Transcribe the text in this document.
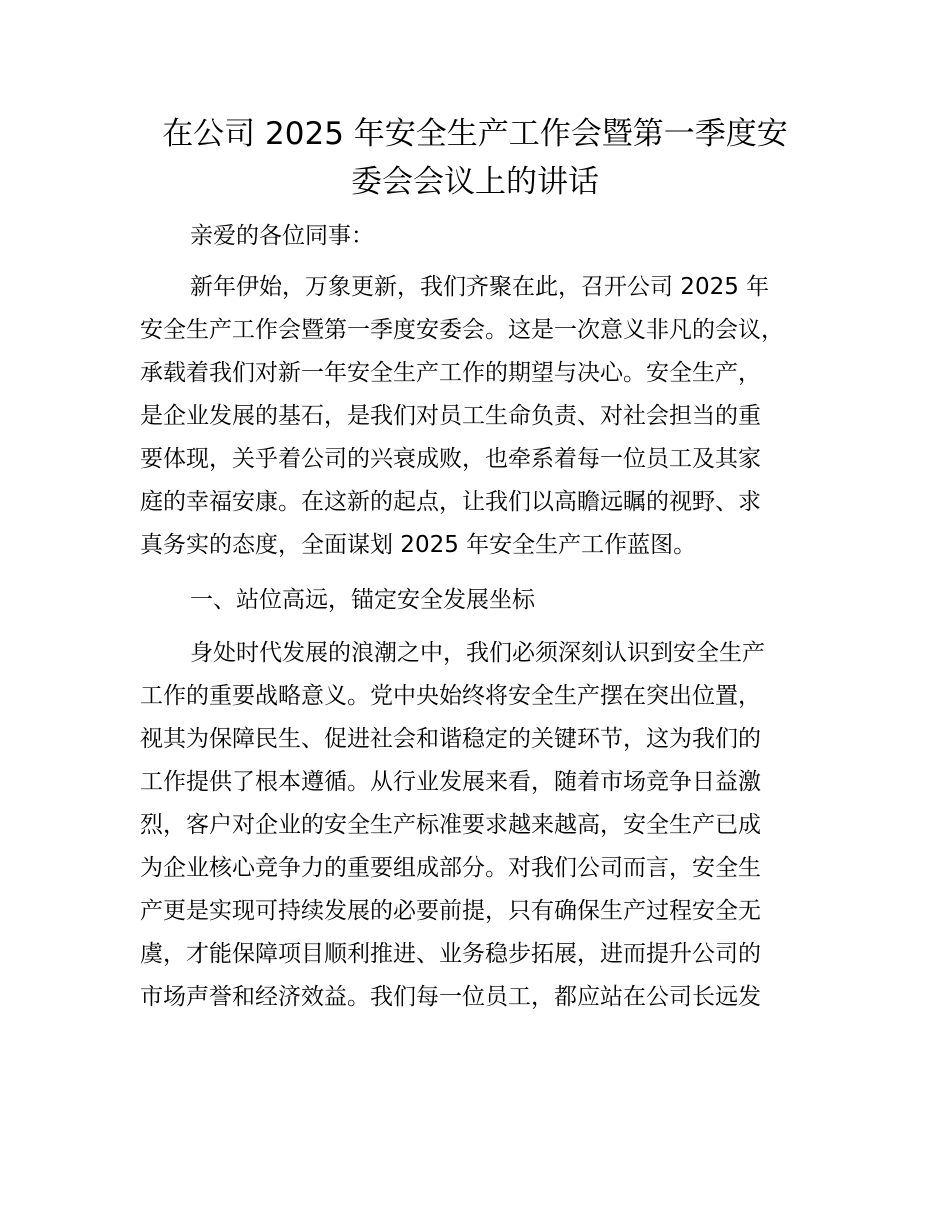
在公司 2025 年安全生产工作会暨第一季度安
委会会议上的讲话

亲爱的各位同事：

新年伊始，万象更新，我们齐聚在此，召开公司 2025 年

安全生产工作会暨第一季度安委会。这是一次意义非凡的会议，

承载着我们对新一年安全生产工作的期望与决心。安全生产，

是企业发展的基石，是我们对员工生命负责、对社会担当的重

要体现，关乎着公司的兴衰成败，也牵系着每一位员工及其家

庭的幸福安康。在这新的起点，让我们以高瞻远瞩的视野、求

真务实的态度，全面谋划 2025 年安全生产工作蓝图。

一、站位高远，锚定安全发展坐标

身处时代发展的浪潮之中，我们必须深刻认识到安全生产

工作的重要战略意义。党中央始终将安全生产摆在突出位置，

视其为保障民生、促进社会和谐稳定的关键环节，这为我们的

工作提供了根本遵循。从行业发展来看，随着市场竞争日益激

烈，客户对企业的安全生产标准要求越来越高，安全生产已成

为企业核心竞争力的重要组成部分。对我们公司而言，安全生

产更是实现可持续发展的必要前提，只有确保生产过程安全无

虞，才能保障项目顺利推进、业务稳步拓展，进而提升公司的

市场声誉和经济效益。我们每一位员工，都应站在公司长远发
